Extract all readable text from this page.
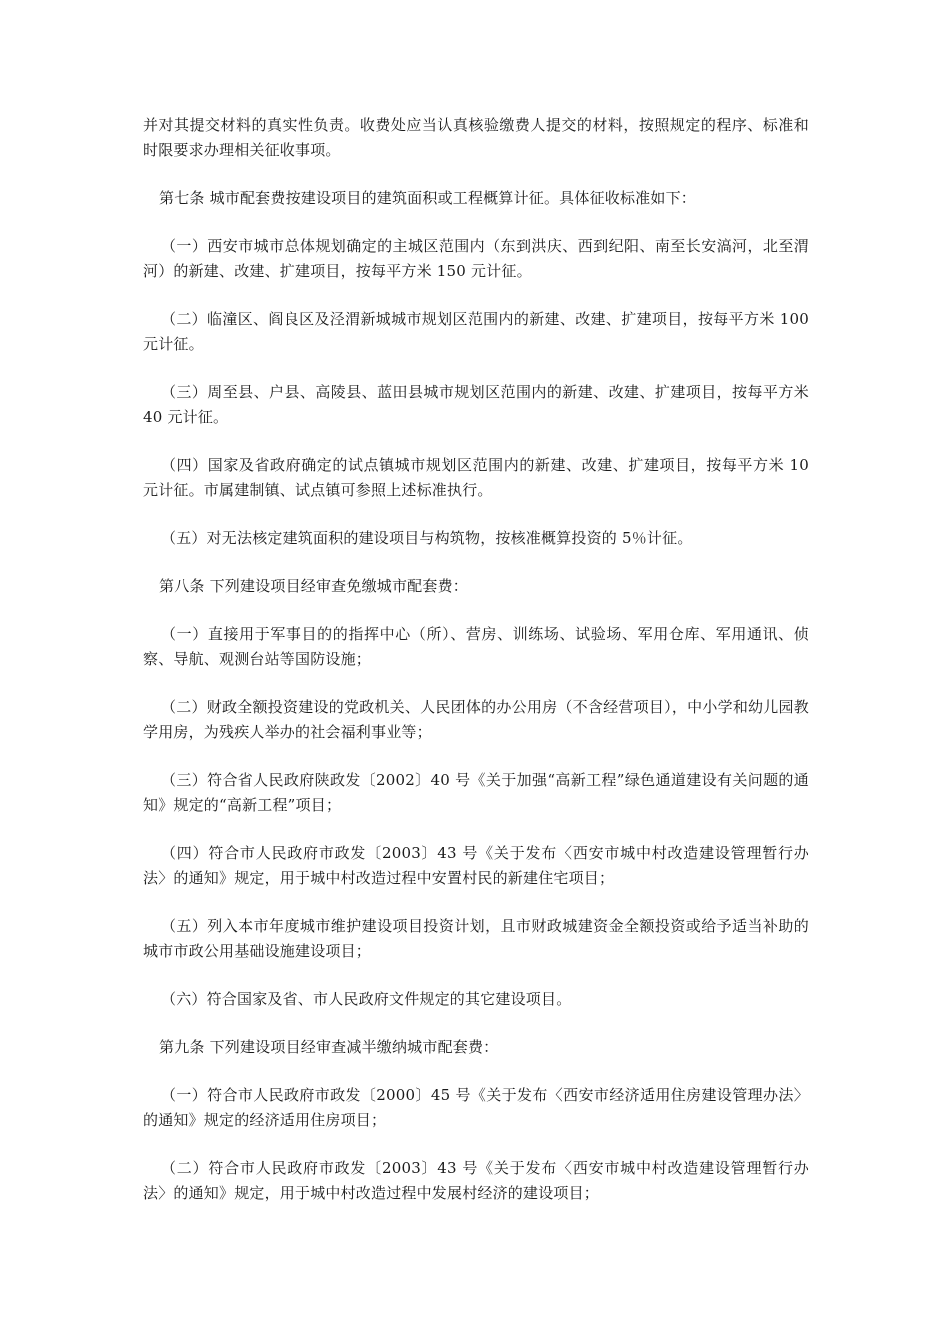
并对其提交材料的真实性负责。收费处应当认真核验缴费人提交的材料，按照规定的程序、标准和时限要求办理相关征收事项。

第七条 城市配套费按建设项目的建筑面积或工程概算计征。具体征收标准如下：

（一）西安市城市总体规划确定的主城区范围内（东到洪庆、西到纪阳、南至长安滈河，北至渭河）的新建、改建、扩建项目，按每平方米 150 元计征。

（二）临潼区、阎良区及泾渭新城城市规划区范围内的新建、改建、扩建项目，按每平方米 100 元计征。

（三）周至县、户县、高陵县、蓝田县城市规划区范围内的新建、改建、扩建项目，按每平方米 40 元计征。

（四）国家及省政府确定的试点镇城市规划区范围内的新建、改建、扩建项目，按每平方米 10 元计征。市属建制镇、试点镇可参照上述标准执行。

（五）对无法核定建筑面积的建设项目与构筑物，按核准概算投资的 5％计征。

第八条 下列建设项目经审查免缴城市配套费：

（一）直接用于军事目的的指挥中心（所）、营房、训练场、试验场、军用仓库、军用通讯、侦察、导航、观测台站等国防设施；

（二）财政全额投资建设的党政机关、人民团体的办公用房（不含经营项目），中小学和幼儿园教学用房，为残疾人举办的社会福利事业等；

（三）符合省人民政府陕政发〔2002〕40 号《关于加强“高新工程”绿色通道建设有关问题的通知》规定的“高新工程”项目；

（四）符合市人民政府市政发〔2003〕43 号《关于发布〈西安市城中村改造建设管理暂行办法〉的通知》规定，用于城中村改造过程中安置村民的新建住宅项目；

（五）列入本市年度城市维护建设项目投资计划，且市财政城建资金全额投资或给予适当补助的城市市政公用基础设施建设项目；

（六）符合国家及省、市人民政府文件规定的其它建设项目。

第九条 下列建设项目经审查减半缴纳城市配套费：

（一）符合市人民政府市政发〔2000〕45 号《关于发布〈西安市经济适用住房建设管理办法〉的通知》规定的经济适用住房项目；

（二）符合市人民政府市政发〔2003〕43 号《关于发布〈西安市城中村改造建设管理暂行办法〉的通知》规定，用于城中村改造过程中发展村经济的建设项目；
